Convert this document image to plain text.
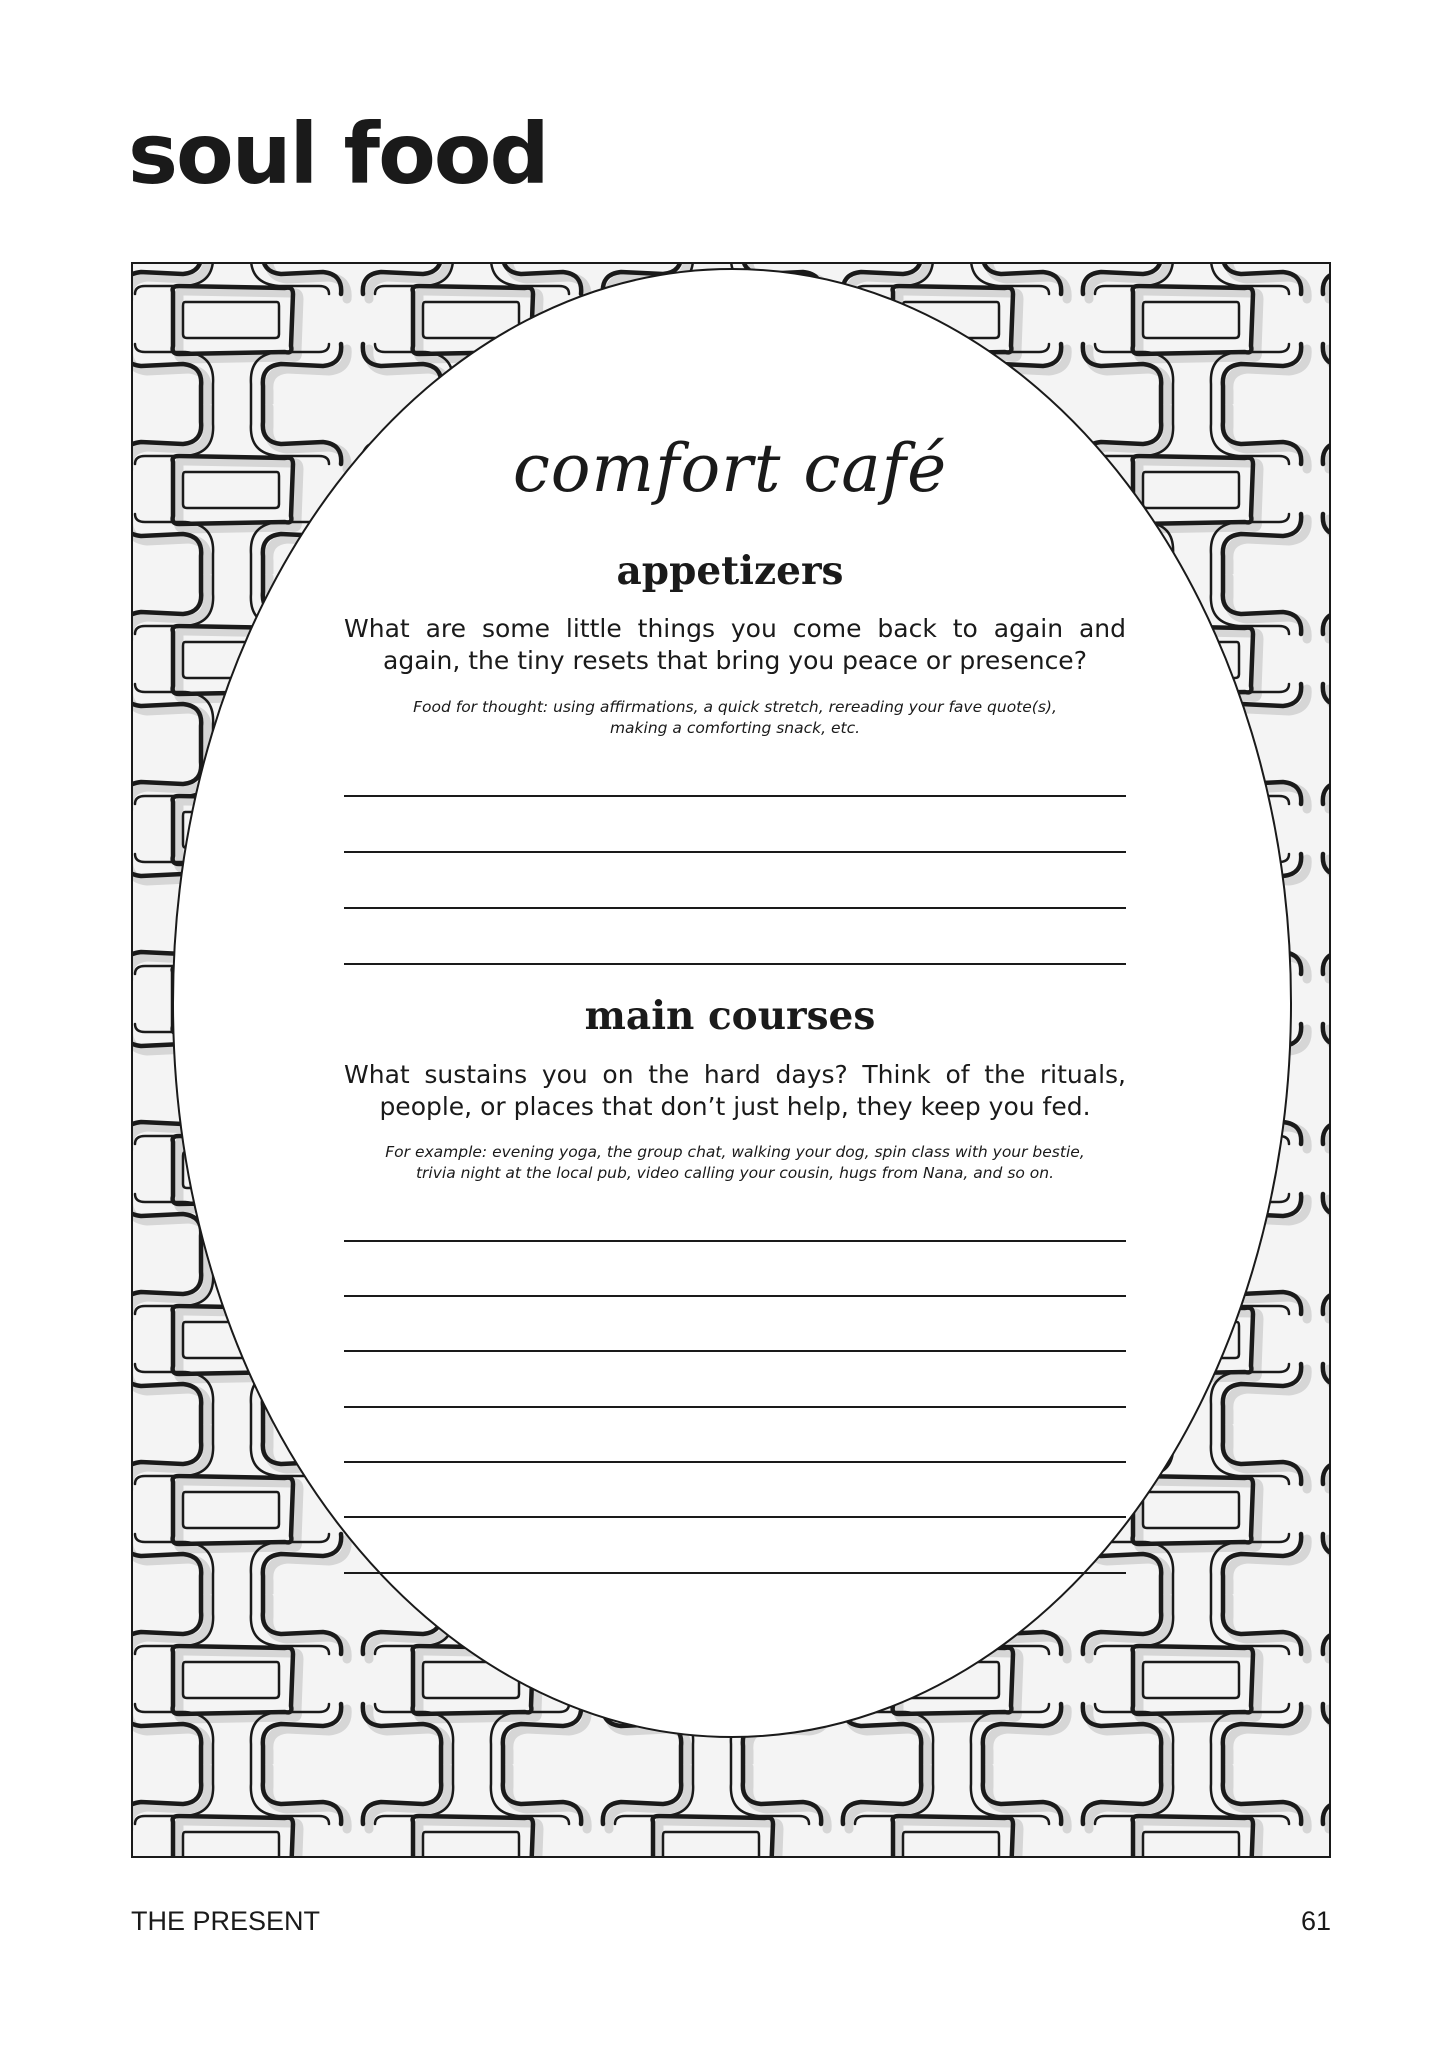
soul food
comfort café
appetizers

What are some little things you come back to again and again, the tiny resets that bring you peace or presence?

Food for thought: using affirmations, a quick stretch, rereading your fave quote(s),

making a comforting snack, etc.

main courses

What sustains you on the hard days? Think of the rituals, people, or places that don’t just help, they keep you fed.

For example: evening yoga, the group chat, walking your dog, spin class with your bestie,

trivia night at the local pub, video calling your cousin, hugs from Nana, and so on.

THE PRESENT	61
